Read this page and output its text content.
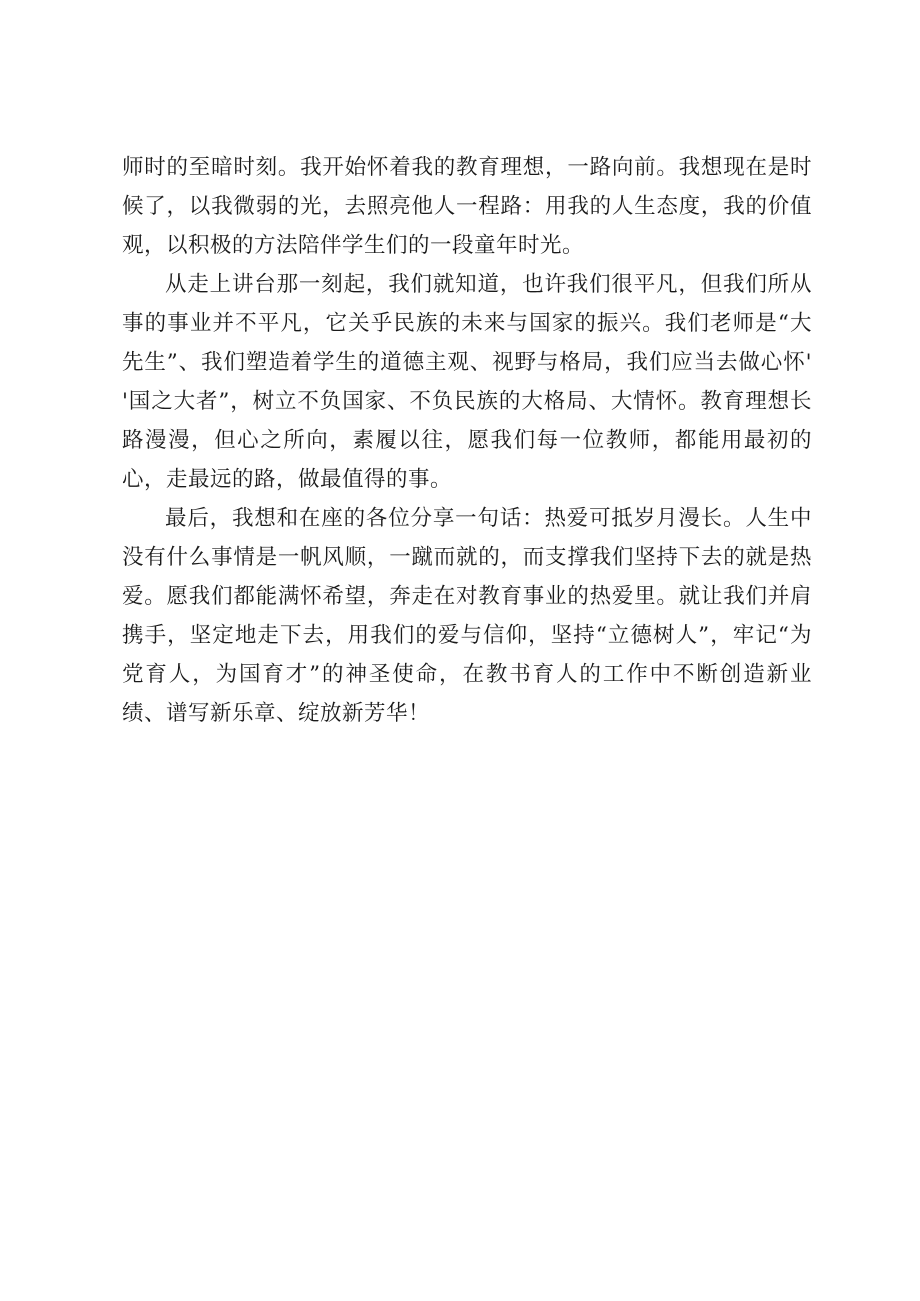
师时的至暗时刻。我开始怀着我的教育理想，一路向前。我想现在是时候了，以我微弱的光，去照亮他人一程路：用我的人生态度，我的价值观，以积极的方法陪伴学生们的一段童年时光。

从走上讲台那一刻起，我们就知道，也许我们很平凡，但我们所从事的事业并不平凡，它关乎民族的未来与国家的振兴。我们老师是“大先生”、我们塑造着学生的道德主观、视野与格局，我们应当去做心怀' '国之大者”，树立不负国家、不负民族的大格局、大情怀。教育理想长路漫漫，但心之所向，素履以往，愿我们每一位教师，都能用最初的心，走最远的路，做最值得的事。

最后，我想和在座的各位分享一句话：热爱可抵岁月漫长。人生中没有什么事情是一帆风顺，一蹴而就的，而支撑我们坚持下去的就是热爱。愿我们都能满怀希望，奔走在对教育事业的热爱里。就让我们并肩携手，坚定地走下去，用我们的爱与信仰，坚持“立德树人”，牢记“为党育人，为国育才”的神圣使命，在教书育人的工作中不断创造新业绩、谱写新乐章、绽放新芳华！
